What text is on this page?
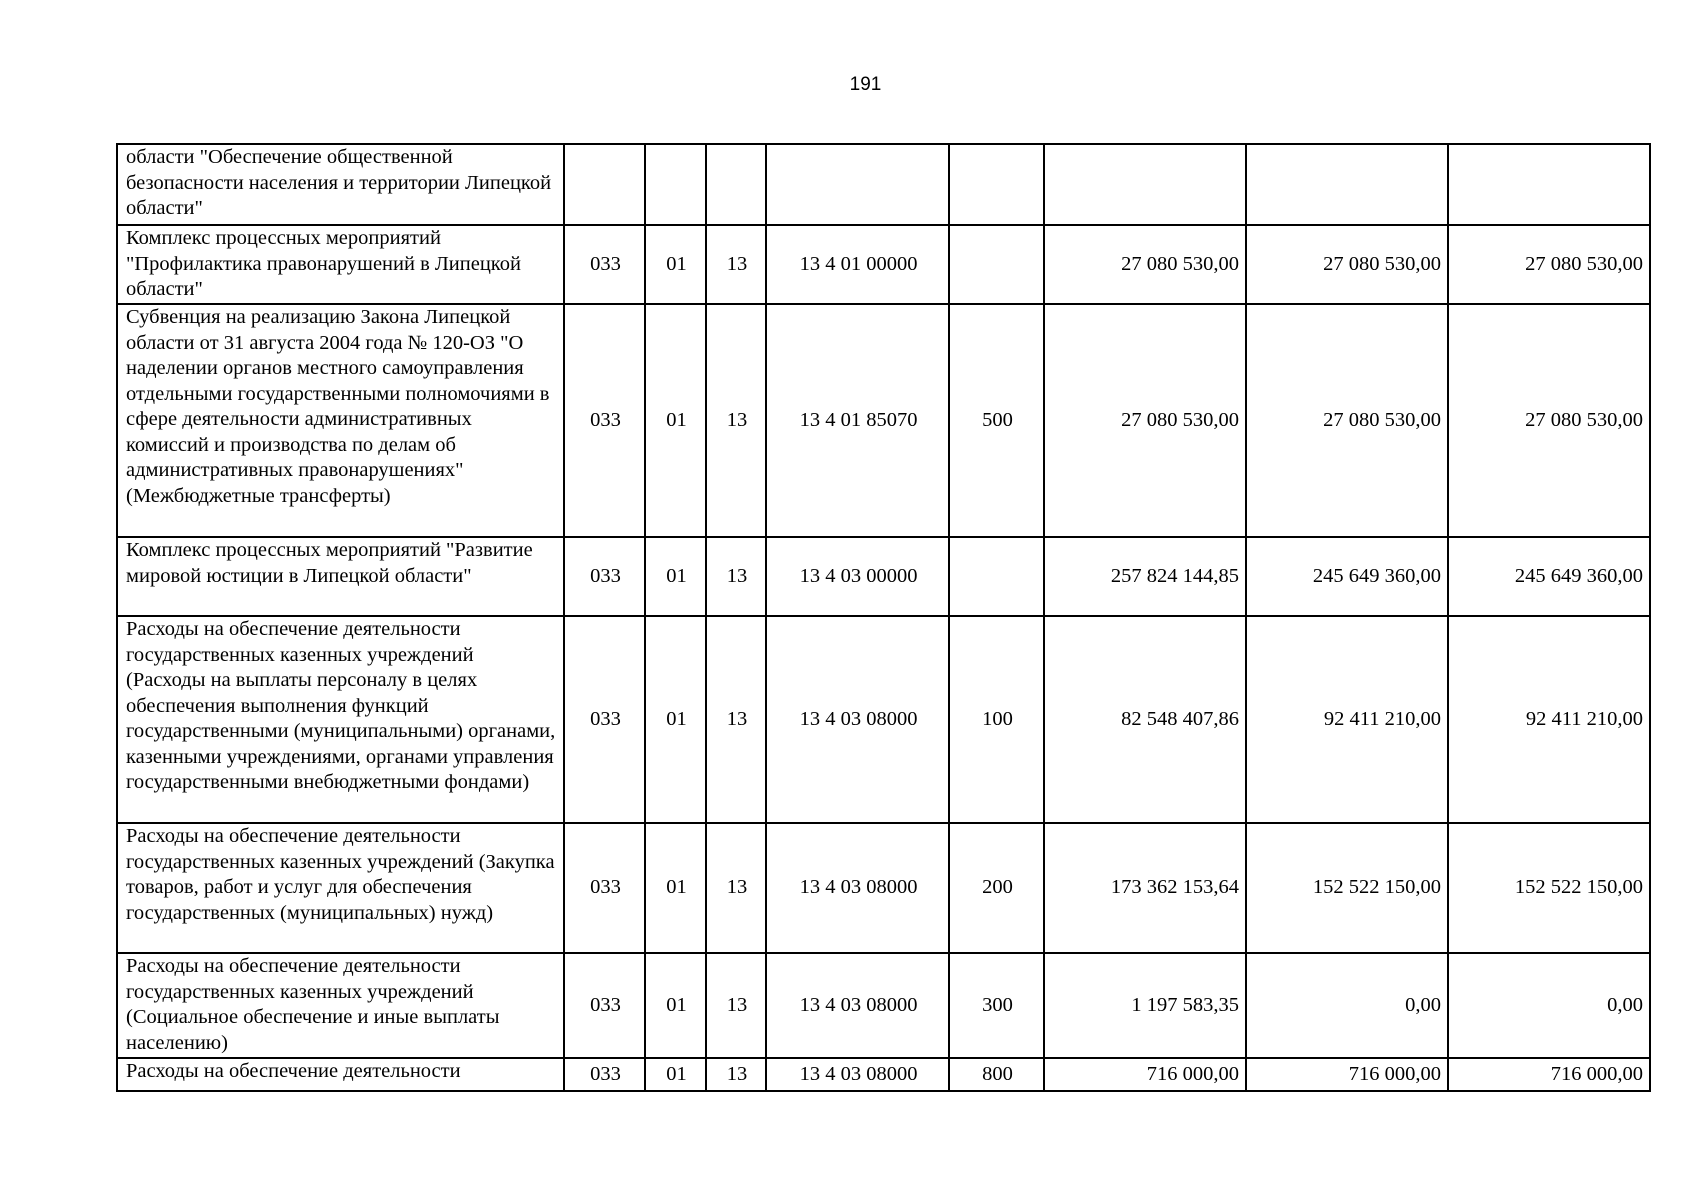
191
области "Обеспечение общественной безопасности населения и территории Липецкой области"								
Комплекс процессных мероприятий "Профилактика правонарушений в Липецкой области"	033	01	13	13 4 01 00000		27 080 530,00	27 080 530,00	27 080 530,00
Субвенция на реализацию Закона Липецкой области от 31 августа 2004 года № 120-ОЗ "О наделении органов местного самоуправления отдельными государственными полномочиями в сфере деятельности административных комиссий и производства по делам об административных правонарушениях" (Межбюджетные трансферты)	033	01	13	13 4 01 85070	500	27 080 530,00	27 080 530,00	27 080 530,00
Комплекс процессных мероприятий "Развитие мировой юстиции в Липецкой области"	033	01	13	13 4 03 00000		257 824 144,85	245 649 360,00	245 649 360,00
Расходы на обеспечение деятельности государственных казенных учреждений (Расходы на выплаты персоналу в целях обеспечения выполнения функций государственными (муниципальными) органами, казенными учреждениями, органами управления государственными внебюджетными фондами)	033	01	13	13 4 03 08000	100	82 548 407,86	92 411 210,00	92 411 210,00
Расходы на обеспечение деятельности государственных казенных учреждений (Закупка товаров, работ и услуг для обеспечения государственных (муниципальных) нужд)	033	01	13	13 4 03 08000	200	173 362 153,64	152 522 150,00	152 522 150,00
Расходы на обеспечение деятельности государственных казенных учреждений (Социальное обеспечение и иные выплаты населению)	033	01	13	13 4 03 08000	300	1 197 583,35	0,00	0,00
Расходы на обеспечение деятельности	033	01	13	13 4 03 08000	800	716 000,00	716 000,00	716 000,00
